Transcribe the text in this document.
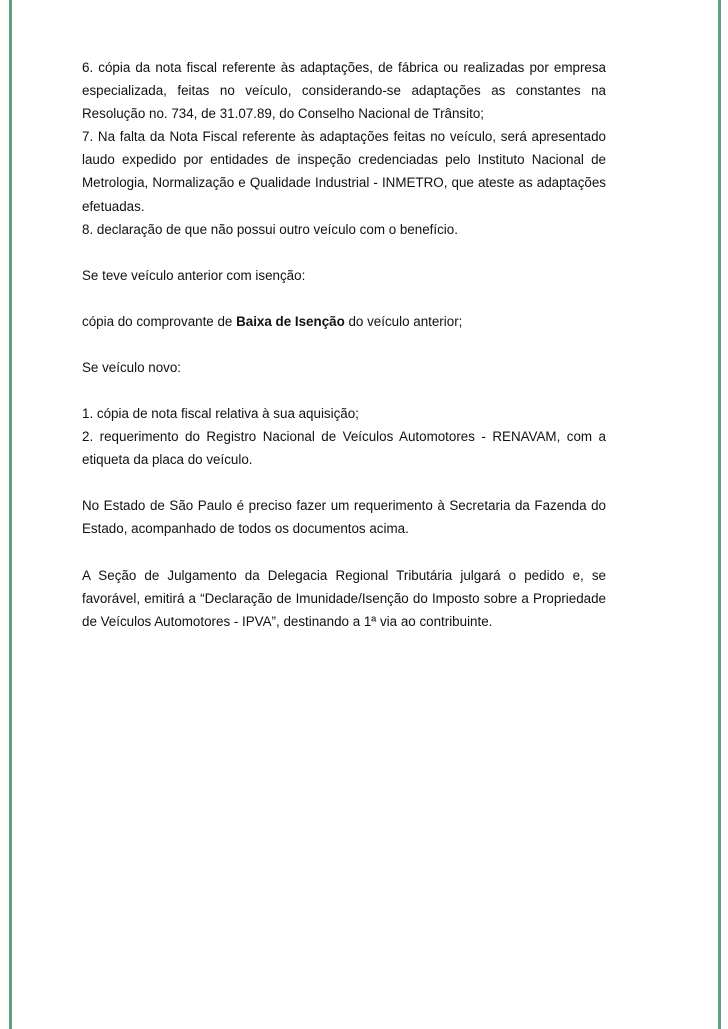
6. cópia da nota fiscal referente às adaptações, de fábrica ou realizadas por empresa especializada, feitas no veículo, considerando-se adaptações as constantes na Resolução no. 734, de 31.07.89, do Conselho Nacional de Trânsito;

7. Na falta da Nota Fiscal referente às adaptações feitas no veículo, será apresentado laudo expedido por entidades de inspeção credenciadas pelo Instituto Nacional de Metrologia, Normalização e Qualidade Industrial - INMETRO, que ateste as adaptações efetuadas.

8. declaração de que não possui outro veículo com o benefício.

Se teve veículo anterior com isenção:

cópia do comprovante de Baixa de Isenção do veículo anterior;

Se veículo novo:

1. cópia de nota fiscal relativa à sua aquisição;

2. requerimento do Registro Nacional de Veículos Automotores - RENAVAM, com a etiqueta da placa do veículo.

No Estado de São Paulo é preciso fazer um requerimento à Secretaria da Fazenda do Estado, acompanhado de todos os documentos acima.

A Seção de Julgamento da Delegacia Regional Tributária julgará o pedido e, se favorável, emitirá a “Declaração de Imunidade/Isenção do Imposto sobre a Propriedade de Veículos Automotores - IPVA”, destinando a 1ª via ao contribuinte.
